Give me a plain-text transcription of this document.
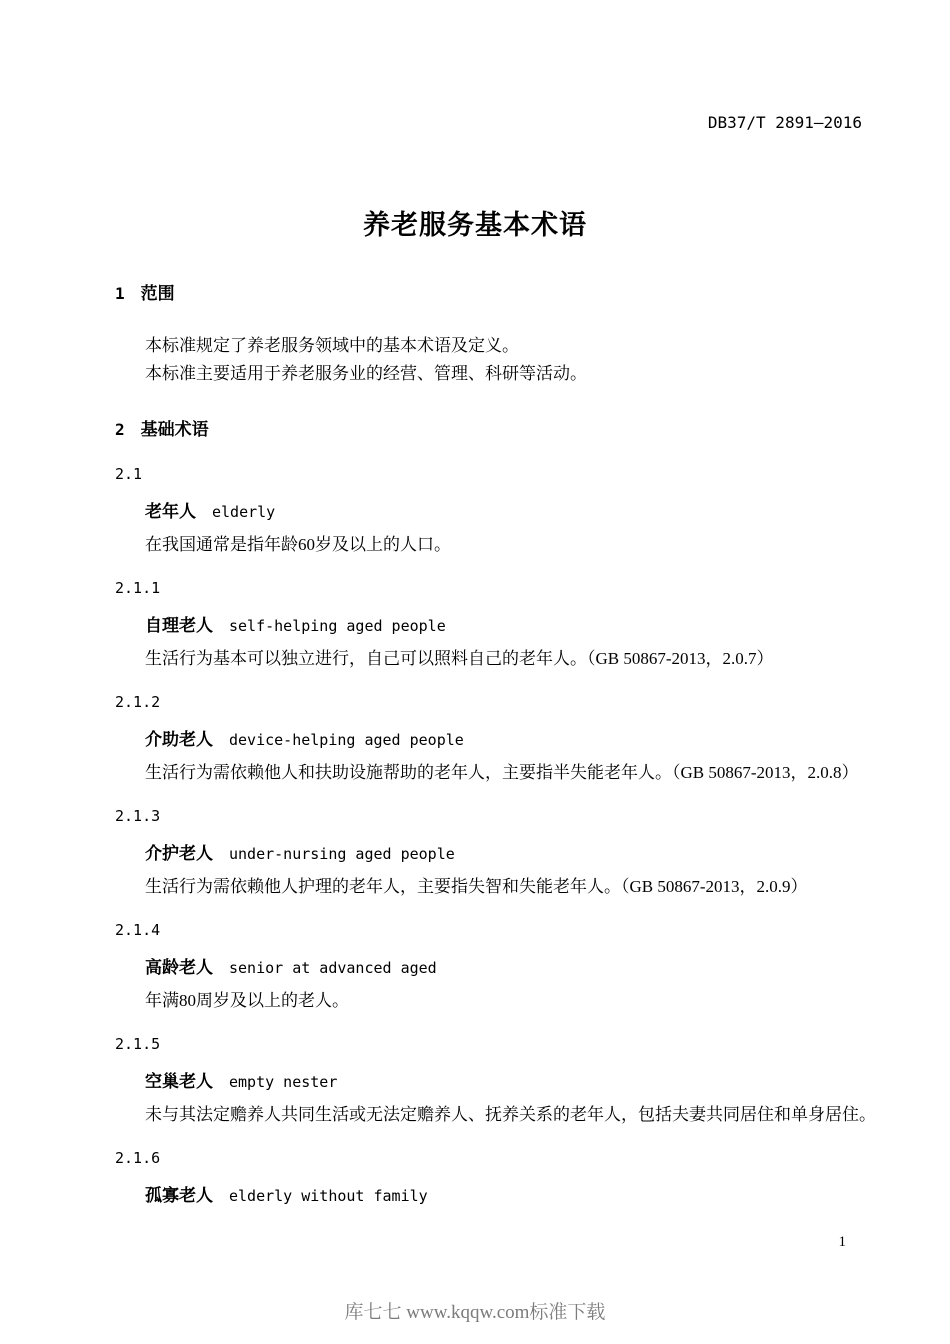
DB37/T 2891—2016
养老服务基本术语
1 范围

本标准规定了养老服务领域中的基本术语及定义。

本标准主要适用于养老服务业的经营、管理、科研等活动。

2 基础术语
2.1
老年人 elderly

在我国通常是指年龄60岁及以上的人口。

2.1.1
自理老人 self-helping aged people

生活行为基本可以独立进行，自己可以照料自己的老年人。（GB 50867-2013，2.0.7）

2.1.2
介助老人 device-helping aged people

生活行为需依赖他人和扶助设施帮助的老年人，主要指半失能老年人。（GB 50867-2013，2.0.8）

2.1.3
介护老人 under-nursing aged people

生活行为需依赖他人护理的老年人，主要指失智和失能老年人。（GB 50867-2013，2.0.9）

2.1.4
高龄老人 senior at advanced aged

年满80周岁及以上的老人。

2.1.5
空巢老人 empty nester

未与其法定赡养人共同生活或无法定赡养人、抚养关系的老年人，包括夫妻共同居住和单身居住。

2.1.6
孤寡老人 elderly without family
1
库七七 www.kqqw.com标准下载
